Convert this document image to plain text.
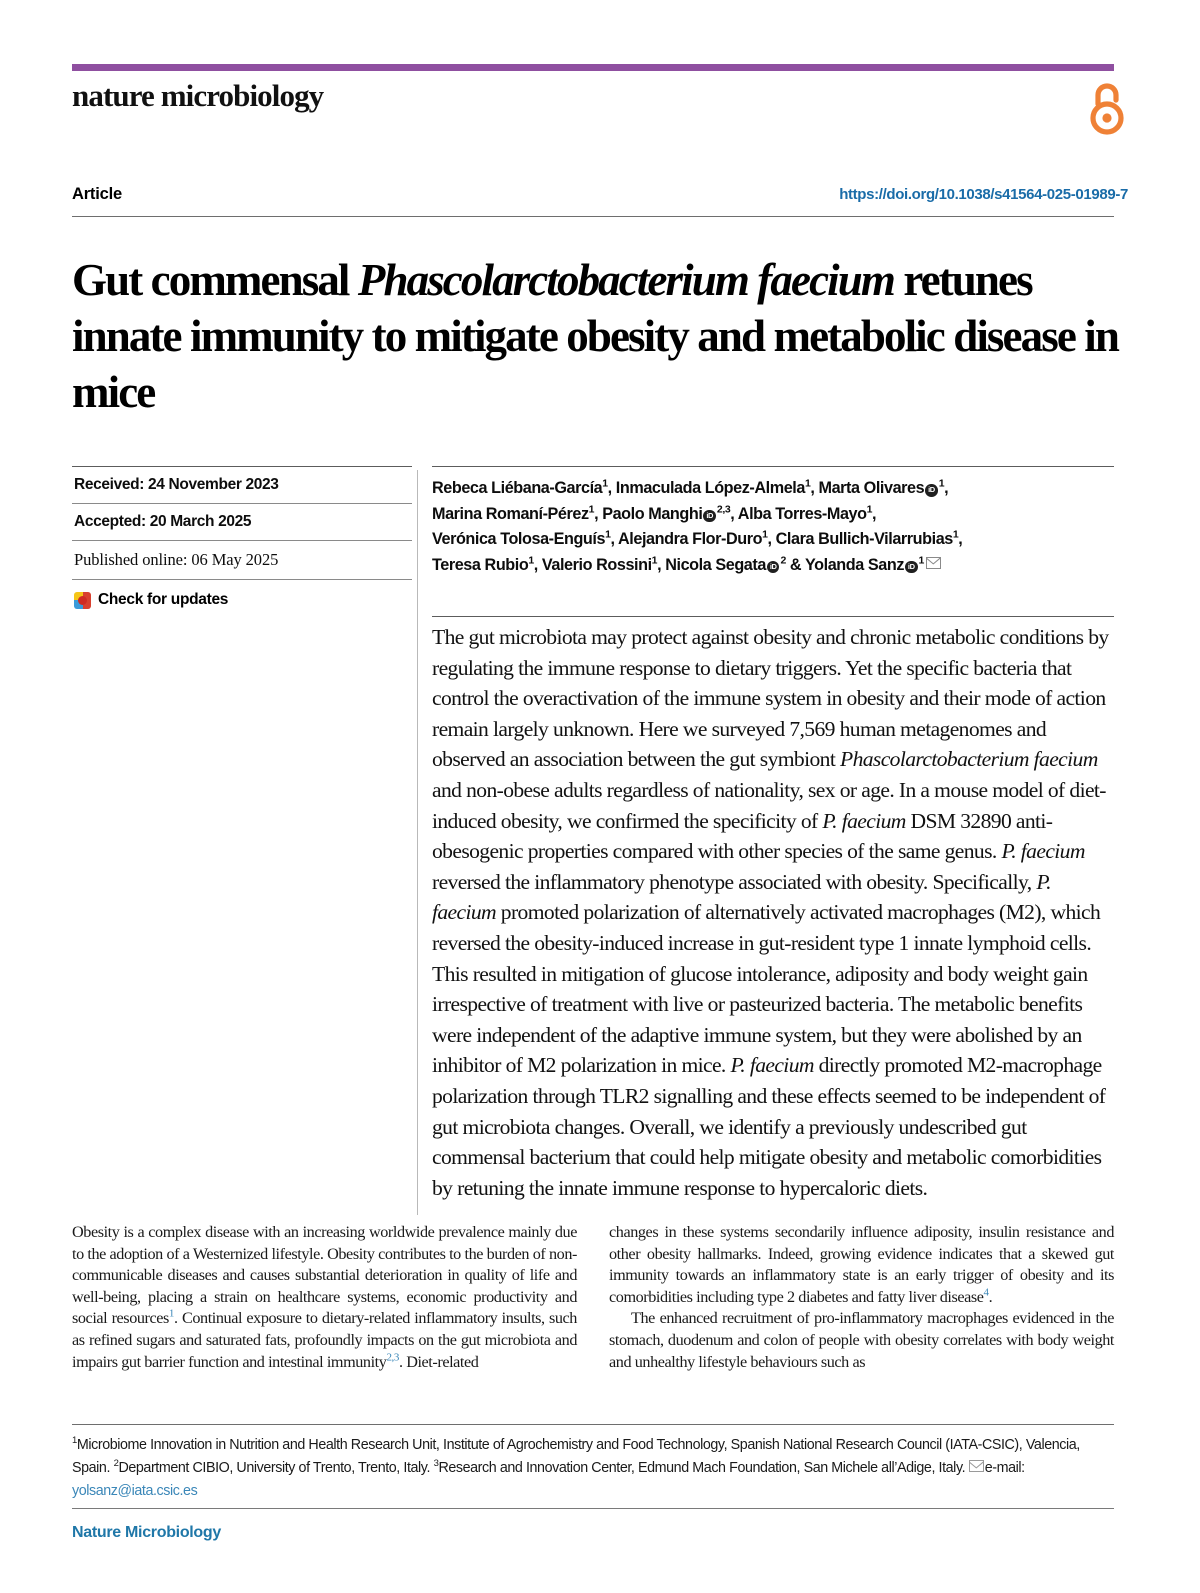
nature microbiology
Article	https://doi.org/10.1038/s41564-025-01989-7
Gut commensal Phascolarctobacterium faecium retunes innate immunity to mitigate obesity and metabolic disease in mice
Received: 24 November 2023
Accepted: 20 March 2025
Published online: 06 May 2025
Check for updates
Rebeca Liébana-García$^1$, Inmaculada López-Almela$^1$, Marta Olivares iD $^1$,
Marina Romaní-Pérez$^1$, Paolo Manghi iD $^{2,3}$, Alba Torres-Mayo$^1$,
Verónica Tolosa-Enguís$^1$, Alejandra Flor-Duro$^1$, Clara Bullich-Vilarrubias$^1$,
Teresa Rubio$^1$, Valerio Rossini$^1$, Nicola Segata iD $^2$ & Yolanda Sanz iD $^1$
The gut microbiota may protect against obesity and chronic metabolic conditions by regulating the immune response to dietary triggers. Yet the specific bacteria that control the overactivation of the immune system in obesity and their mode of action remain largely unknown. Here we surveyed 7,569 human metagenomes and observed an association between the gut symbiont Phascolarctobacterium faecium and non-obese adults regardless of nationality, sex or age. In a mouse model of diet-induced obesity, we confirmed the specificity of P. faecium DSM 32890 anti-obesogenic properties compared with other species of the same genus. P. faecium reversed the inflammatory phenotype associated with obesity. Specifically, P. faecium promoted polarization of alternatively activated macrophages (M2), which reversed the obesity-induced increase in gut-resident type 1 innate lymphoid cells. This resulted in mitigation of glucose intolerance, adiposity and body weight gain irrespective of treatment with live or pasteurized bacteria. The metabolic benefits were independent of the adaptive immune system, but they were abolished by an inhibitor of M2 polarization in mice. P. faecium directly promoted M2-macrophage polarization through TLR2 signalling and these effects seemed to be independent of gut microbiota changes. Overall, we identify a previously undescribed gut commensal bacterium that could help mitigate obesity and metabolic comorbidities by retuning the innate immune response to hypercaloric diets.

Obesity is a complex disease with an increasing worldwide prevalence mainly due to the adoption of a Westernized lifestyle. Obesity contributes to the burden of non-communicable diseases and causes substantial deterioration in quality of life and well-being, placing a strain on healthcare systems, economic productivity and social resources$^1$. Continual exposure to dietary-related inflammatory insults, such as refined sugars and saturated fats, profoundly impacts on the gut microbiota and impairs gut barrier function and intestinal immunity$^{2,3}$. Diet-related

changes in these systems secondarily influence adiposity, insulin resistance and other obesity hallmarks. Indeed, growing evidence indicates that a skewed gut immunity towards an inflammatory state is an early trigger of obesity and its comorbidities including type 2 diabetes and fatty liver disease$^4$.

The enhanced recruitment of pro-inflammatory macrophages evidenced in the stomach, duodenum and colon of people with obesity correlates with body weight and unhealthy lifestyle behaviours such as

$^1$Microbiome Innovation in Nutrition and Health Research Unit, Institute of Agrochemistry and Food Technology, Spanish National Research Council (IATA-CSIC), Valencia, Spain. $^2$Department CIBIO, University of Trento, Trento, Italy. $^3$Research and Innovation Center, Edmund Mach Foundation, San Michele all’Adige, Italy. e-mail: yolsanz@iata.csic.es
Nature Microbiology
